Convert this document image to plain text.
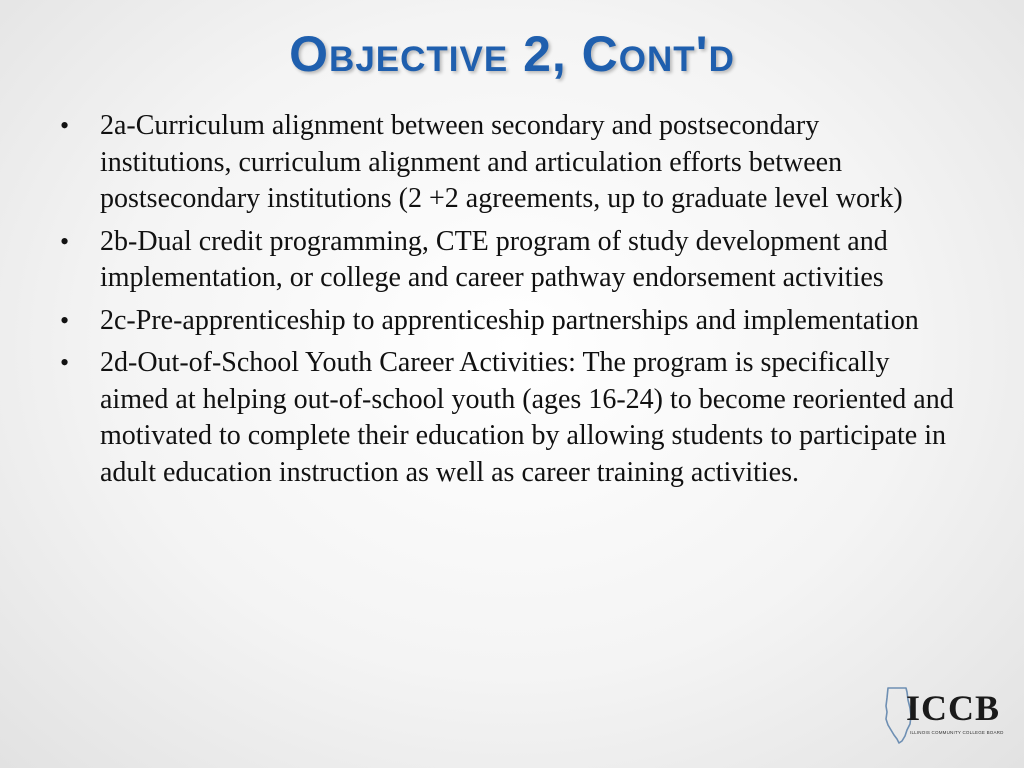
Objective 2, Cont'd
• 2a-Curriculum alignment between secondary and postsecondary institutions, curriculum alignment and articulation efforts between postsecondary institutions (2 +2 agreements, up to graduate level work)
• 2b-Dual credit programming, CTE program of study development and implementation, or college and career pathway endorsement activities
• 2c-Pre-apprenticeship to apprenticeship partnerships and implementation
• 2d-Out-of-School Youth Career Activities: The program is specifically aimed at helping out-of-school youth (ages 16-24) to become reoriented and motivated to complete their education by allowing students to participate in adult education instruction as well as career training activities.
ICCB
ILLINOIS COMMUNITY COLLEGE BOARD
